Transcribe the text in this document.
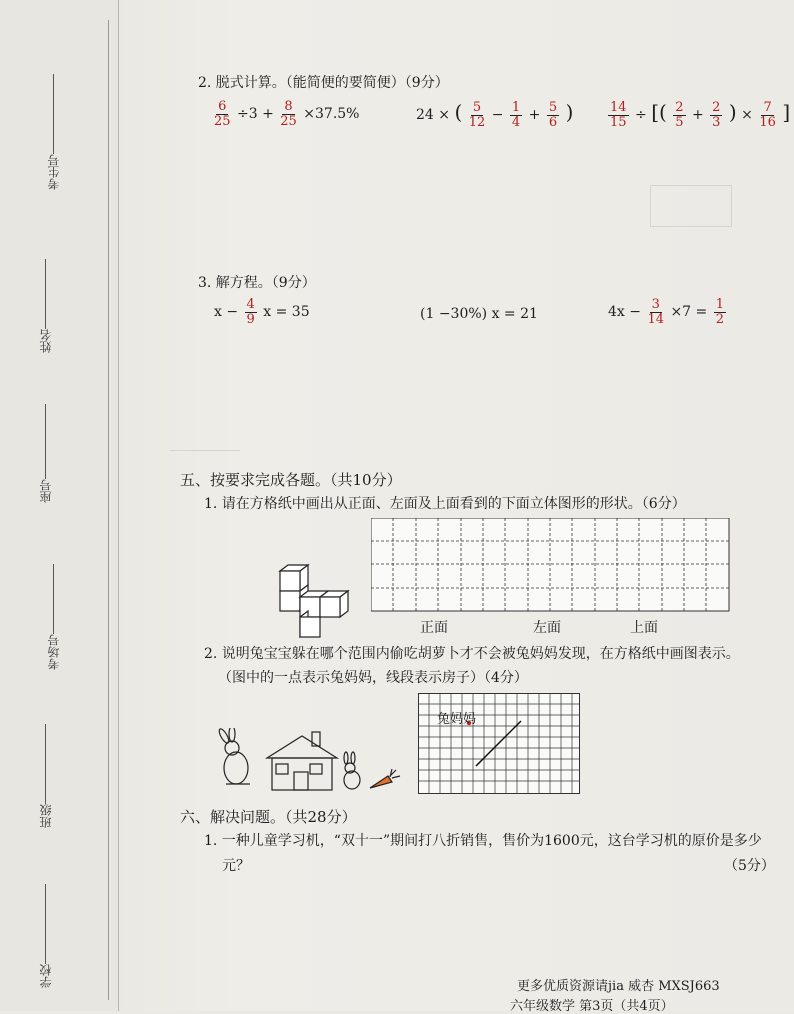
考生号
姓名
座号
考场号
班级
学校
2. 脱式计算。（能简便的要简便）（9分）
$\frac{6}{25} \div 3 + \frac{8}{25} \times 37.5\%$	24 × ( $\frac{5}{12} - \frac{1}{4} + \frac{5}{6}$ )	$\frac{14}{15}$ ÷ [( $\frac{2}{5} + \frac{2}{3}$ ) × $\frac{7}{16}$ ]
3. 解方程。（9分）
$x - \frac{4}{9}$ x = 35	(1 −30%) x = 21	$4x - \frac{3}{14} \times 7 = \frac{1}{2}$
五、按要求完成各题。（共10分）
1. 请在方格纸中画出从正面、左面及上面看到的下面立体图形的形状。（6分）
正面	左面	上面
2. 说明兔宝宝躲在哪个范围内偷吃胡萝卜才不会被兔妈妈发现，在方格纸中画图表示。
（图中的一点表示兔妈妈，线段表示房子）（4分）
兔妈妈
六、解决问题。（共28分）
1. 一种儿童学习机，“双十一”期间打八折销售，售价为1600元，这台学习机的原价是多少
元？	（5分）
更多优质资源请jia 威杏 MXSJ663
六年级数学 第3页（共4页）
